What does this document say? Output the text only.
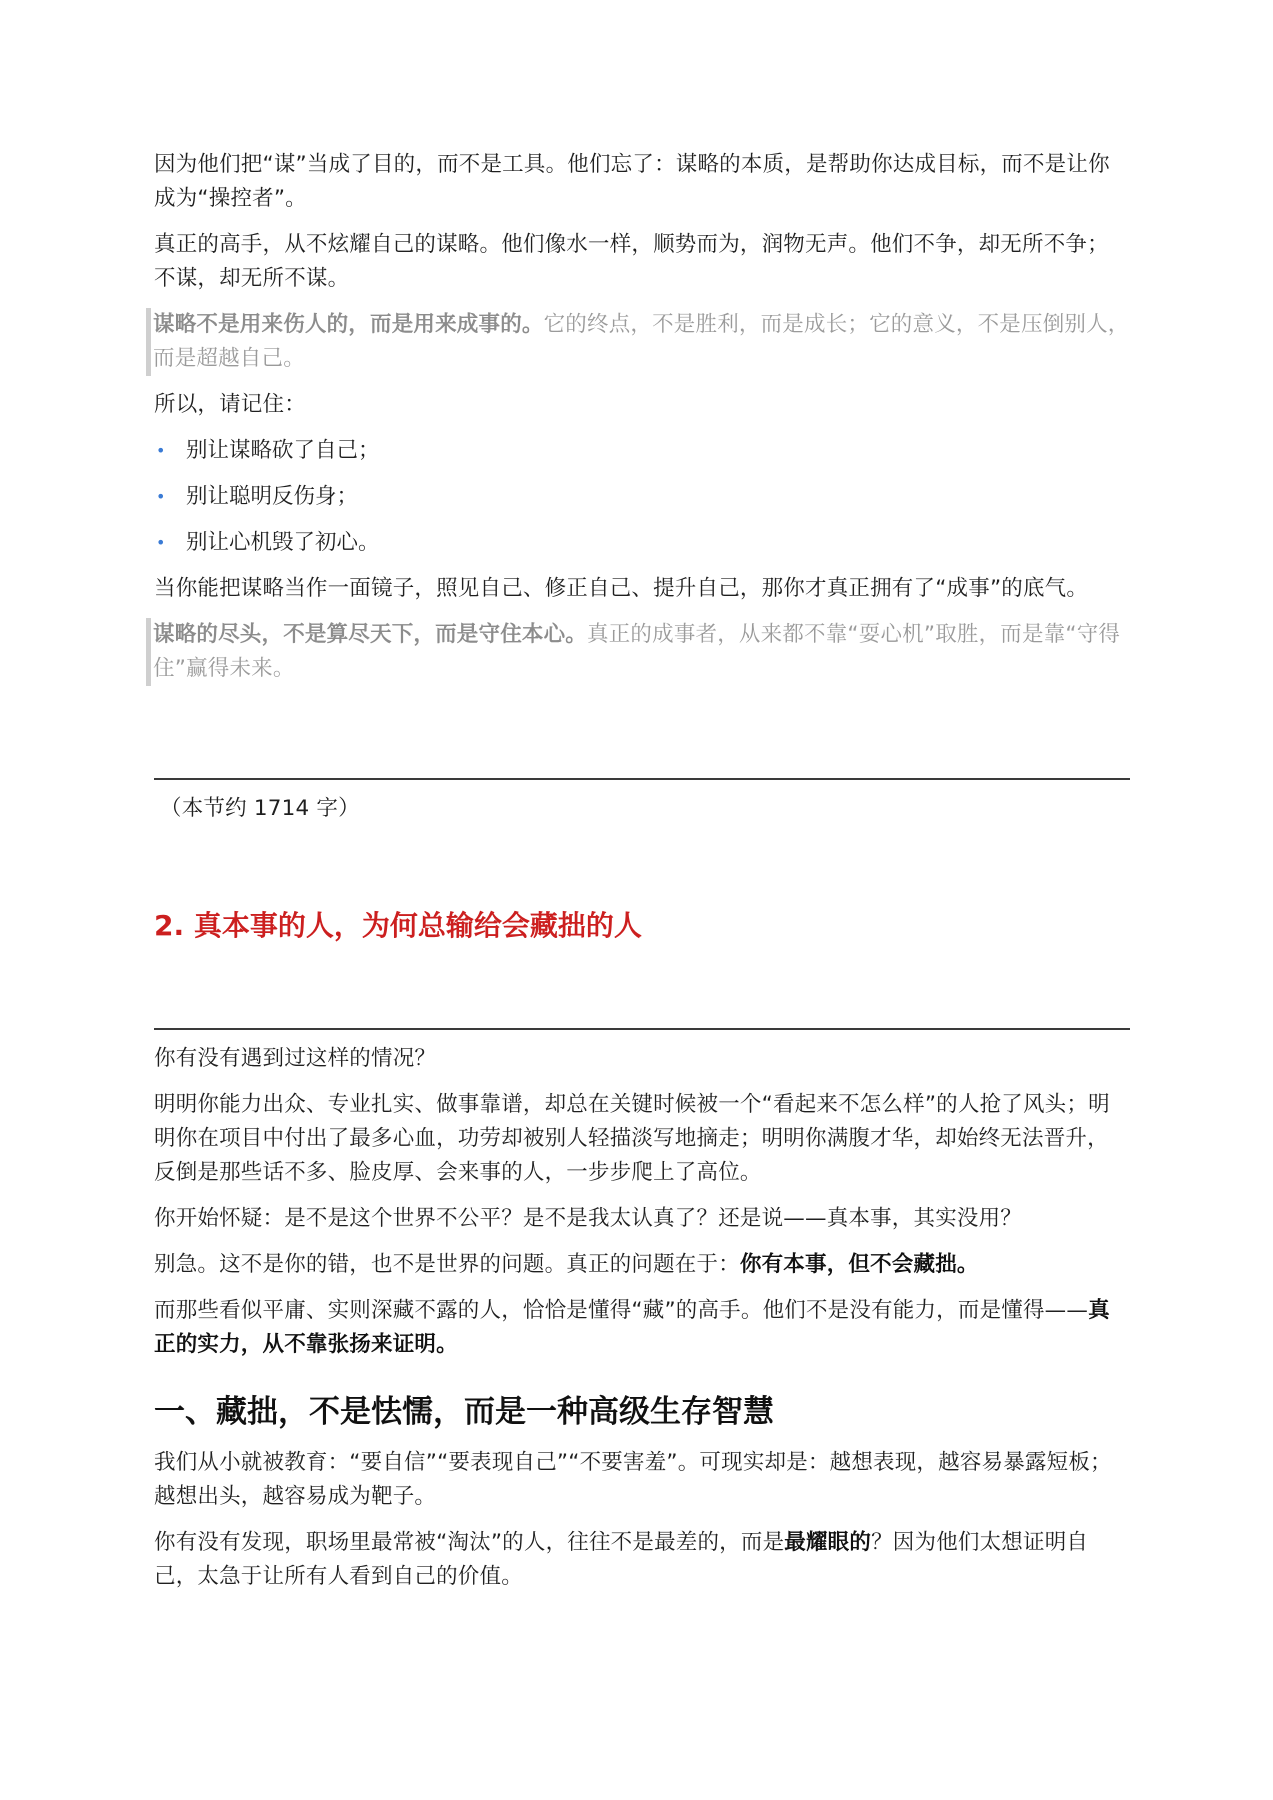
因为他们把“谋”当成了目的，而不是工具。他们忘了：谋略的本质，是帮助你达成目标，而不是让你成为“操控者”。

真正的高手，从不炫耀自己的谋略。他们像水一样，顺势而为，润物无声。他们不争，却无所不争；不谋，却无所不谋。

谋略不是用来伤人的，而是用来成事的。它的终点，不是胜利，而是成长；它的意义，不是压倒别人，而是超越自己。

所以，请记住：

• 别让谋略砍了自己；
• 别让聪明反伤身；
• 别让心机毁了初心。

当你能把谋略当作一面镜子，照见自己、修正自己、提升自己，那你才真正拥有了“成事”的底气。

谋略的尽头，不是算尽天下，而是守住本心。真正的成事者，从来都不靠“耍心机”取胜，而是靠“守得住”赢得未来。

（本节约 1714 字）

2. 真本事的人，为何总输给会藏拙的人

你有没有遇到过这样的情况？

明明你能力出众、专业扎实、做事靠谱，却总在关键时候被一个“看起来不怎么样”的人抢了风头；明明你在项目中付出了最多心血，功劳却被别人轻描淡写地摘走；明明你满腹才华，却始终无法晋升，反倒是那些话不多、脸皮厚、会来事的人，一步步爬上了高位。

你开始怀疑：是不是这个世界不公平？是不是我太认真了？还是说——真本事，其实没用？

别急。这不是你的错，也不是世界的问题。真正的问题在于：你有本事，但不会藏拙。

而那些看似平庸、实则深藏不露的人，恰恰是懂得“藏”的高手。他们不是没有能力，而是懂得——真正的实力，从不靠张扬来证明。

一、藏拙，不是怯懦，而是一种高级生存智慧

我们从小就被教育：“要自信”“要表现自己”“不要害羞”。可现实却是：越想表现，越容易暴露短板；越想出头，越容易成为靶子。

你有没有发现，职场里最常被“淘汰”的人，往往不是最差的，而是最耀眼的？因为他们太想证明自己，太急于让所有人看到自己的价值。
